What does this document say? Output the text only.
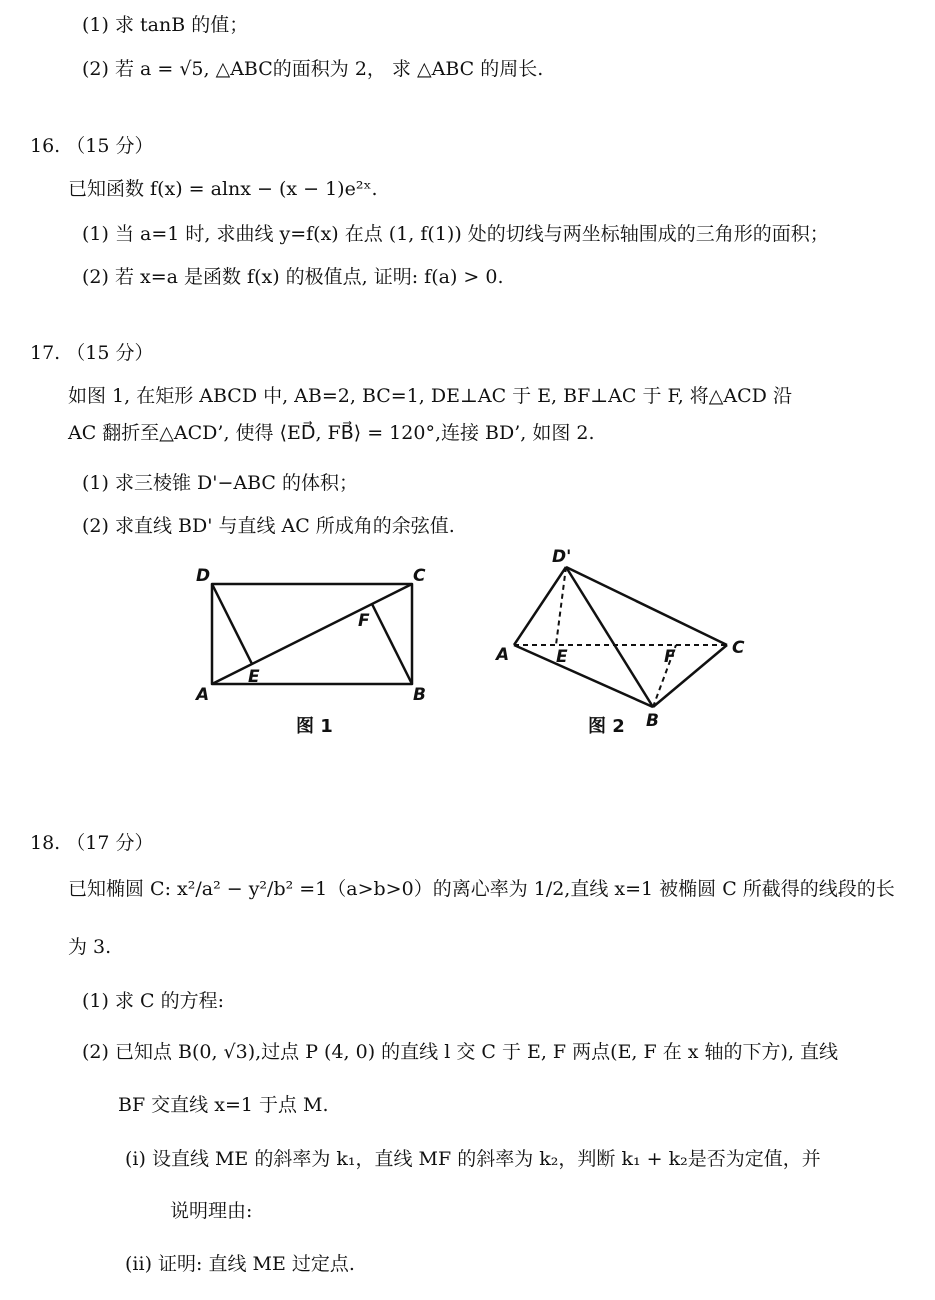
(1) 求 tanB 的值；
(2) 若 a = √5, △ABC的面积为 2， 求 △ABC 的周长.
16. （15 分）
已知函数 f(x) = alnx − (x − 1)e²ˣ.
(1) 当 a=1 时, 求曲线 y=f(x) 在点 (1, f(1)) 处的切线与两坐标轴围成的三角形的面积；
(2) 若 x=a 是函数 f(x) 的极值点, 证明: f(a) > 0.
17. （15 分）
如图 1, 在矩形 ABCD 中, AB=2, BC=1, DE⊥AC 于 E, BF⊥AC 于 F, 将△ACD 沿
AC 翻折至△ACD’, 使得 ⟨ED⃗, FB⃗⟩ = 120°,连接 BD’, 如图 2.
(1) 求三棱锥 D'−ABC 的体积；
(2) 求直线 BD' 与直线 AC 所成角的余弦值.
D	C
A	B
E
F
图 1
D'
A	C
B
E	F
图 2
18. （17 分）
已知椭圆 C: x²/a² − y²/b² =1（a>b>0）的离心率为 1/2,直线 x=1 被椭圆 C 所截得的线段的长
为 3.
(1) 求 C 的方程:
(2) 已知点 B(0, √3),过点 P (4, 0) 的直线 l 交 C 于 E, F 两点(E, F 在 x 轴的下方), 直线
BF 交直线 x=1 于点 M.
(i) 设直线 ME 的斜率为 k₁，直线 MF 的斜率为 k₂，判断 k₁ + k₂是否为定值，并
说明理由:
(ii) 证明: 直线 ME 过定点.
